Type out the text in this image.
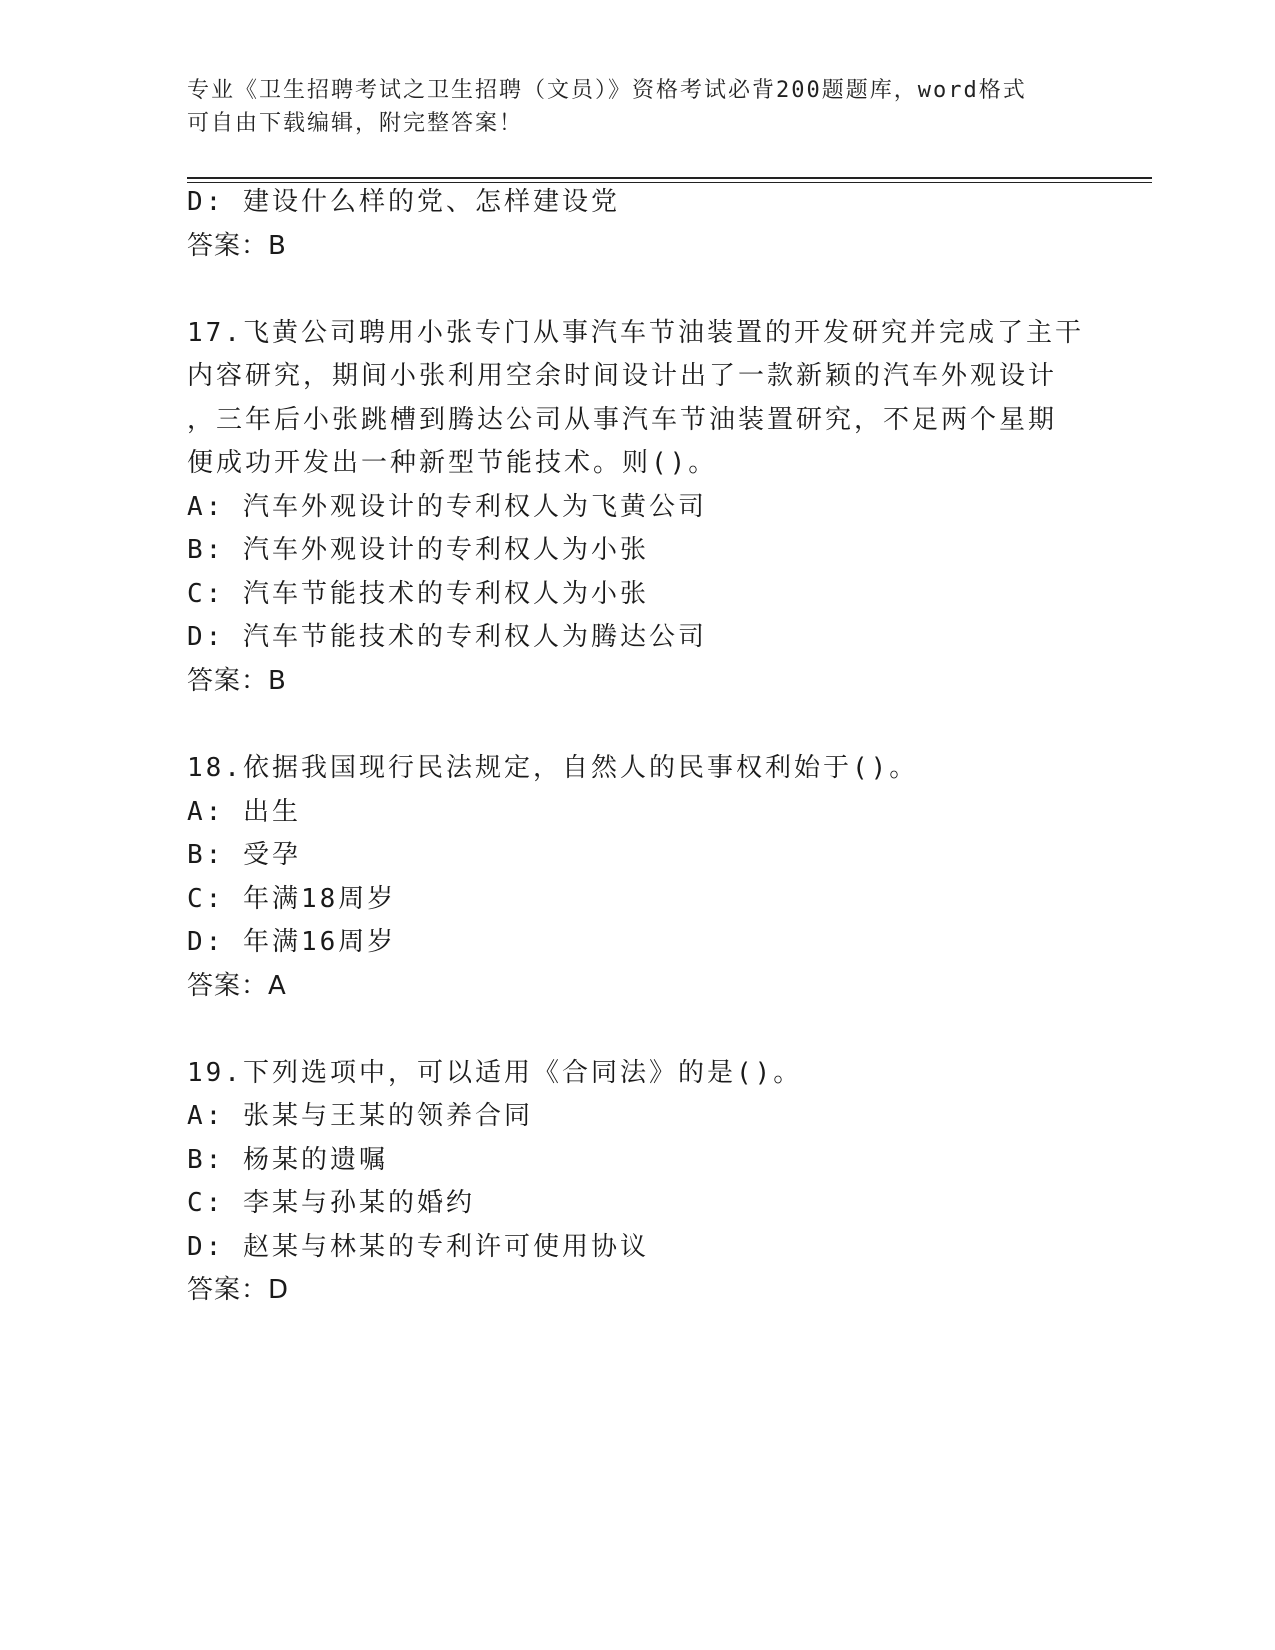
专业《卫生招聘考试之卫生招聘（文员）》资格考试必背200题题库，word格式
可自由下载编辑，附完整答案！
D: 建设什么样的党、怎样建设党
答案：B
17.飞黄公司聘用小张专门从事汽车节油装置的开发研究并完成了主干
内容研究，期间小张利用空余时间设计出了一款新颖的汽车外观设计
，三年后小张跳槽到腾达公司从事汽车节油装置研究，不足两个星期
便成功开发出一种新型节能技术。则()。
A: 汽车外观设计的专利权人为飞黄公司
B: 汽车外观设计的专利权人为小张
C: 汽车节能技术的专利权人为小张
D: 汽车节能技术的专利权人为腾达公司
答案：B
18.依据我国现行民法规定，自然人的民事权利始于()。
A: 出生
B: 受孕
C: 年满18周岁
D: 年满16周岁
答案：A
19.下列选项中，可以适用《合同法》的是()。
A: 张某与王某的领养合同
B: 杨某的遗嘱
C: 李某与孙某的婚约
D: 赵某与林某的专利许可使用协议
答案：D
